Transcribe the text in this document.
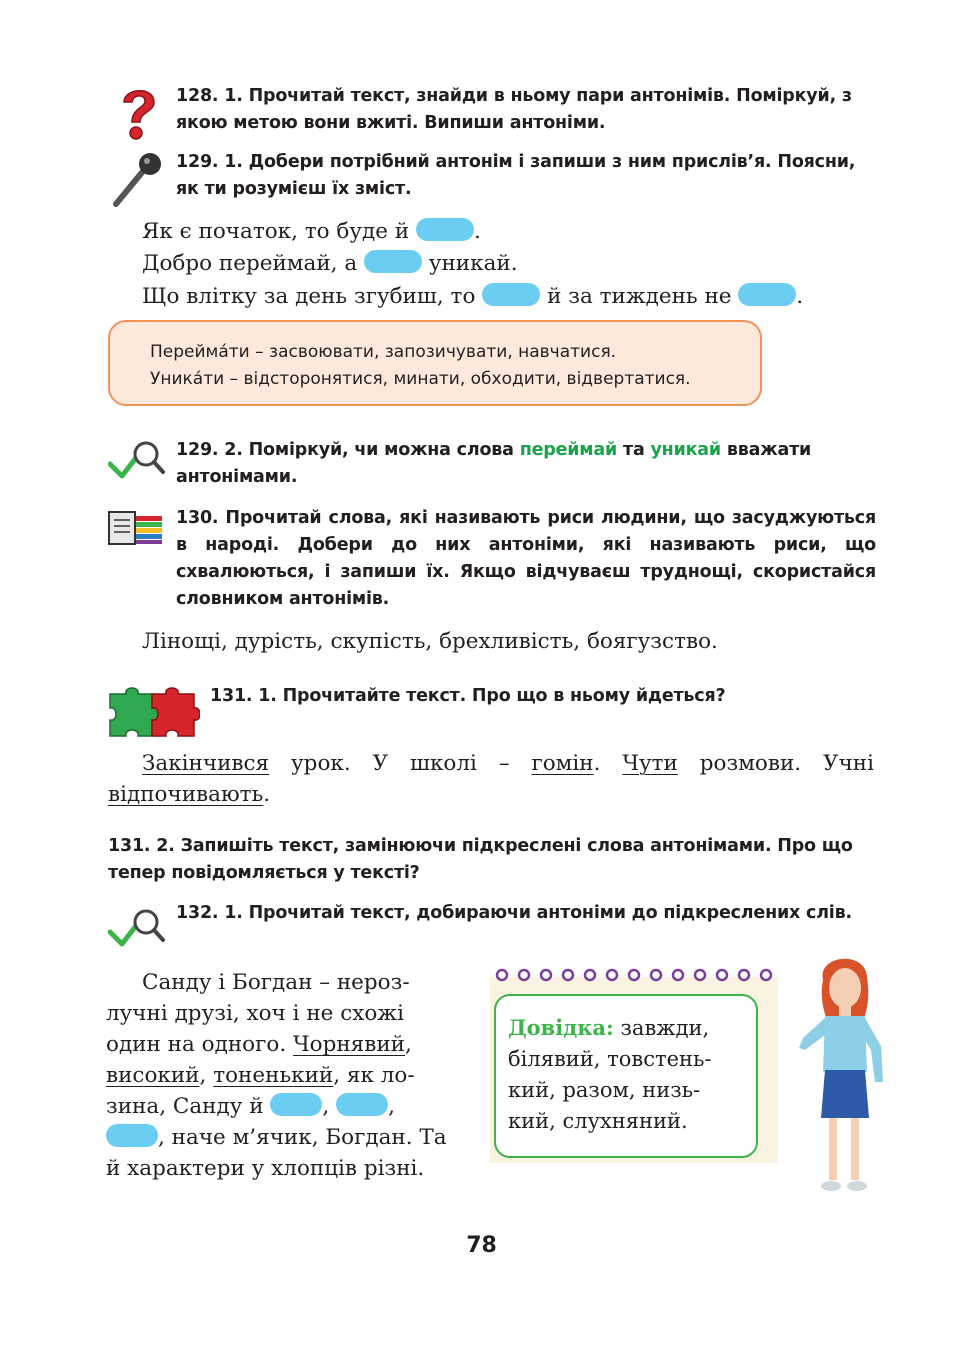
128. 1. Прочитай текст, знайди в ньому пари антонімів. Поміркуй, з якою метою вони вжиті. Випиши антоніми.
129. 1. Добери потрібний антонім і запиши з ним прислів’я. Поясни, як ти розумієш їх зміст.
Як є початок, то буде й	.
Добро переймай, а	уникай.
Що влітку за день згубиш, то	й за тиждень не	.

Перейма́ти – засвоювати, запозичувати, навчатися.

Уника́ти – відсторонятися, минати, обходити, відвертатися.

129. 2. Поміркуй, чи можна слова переймай та уникай вважати антонімами.
130. Прочитай слова, які називають риси людини, що засуджуються в народі. Добери до них антоніми, які називають риси, що схвалюються, і запиши їх. Якщо відчуваєш труднощі, скористайся словником антонімів.
Лінощі, дурість, скупість, брехливість, боягузство.
131. 1. Прочитайте текст. Про що в ньому йдеться?
Закінчився урок. У школі – гомін. Чути розмови. Учні відпочивають.
131. 2. Запишіть текст, замінюючи підкреслені слова антонімами. Про що тепер повідомляється у тексті?
132. 1. Прочитай текст, добираючи антоніми до підкреслених слів.
Санду і Богдан – нероз-
лучні друзі, хоч і не схожі
один на одного. Чорнявий,
високий, тоненький, як ло-
зина, Санду й	,	,
, наче м’ячик, Богдан. Та
й характери у хлопців різні.
Довідка: завжди,
білявий, товстень-
кий, разом, низь-
кий, слухняний.
78
